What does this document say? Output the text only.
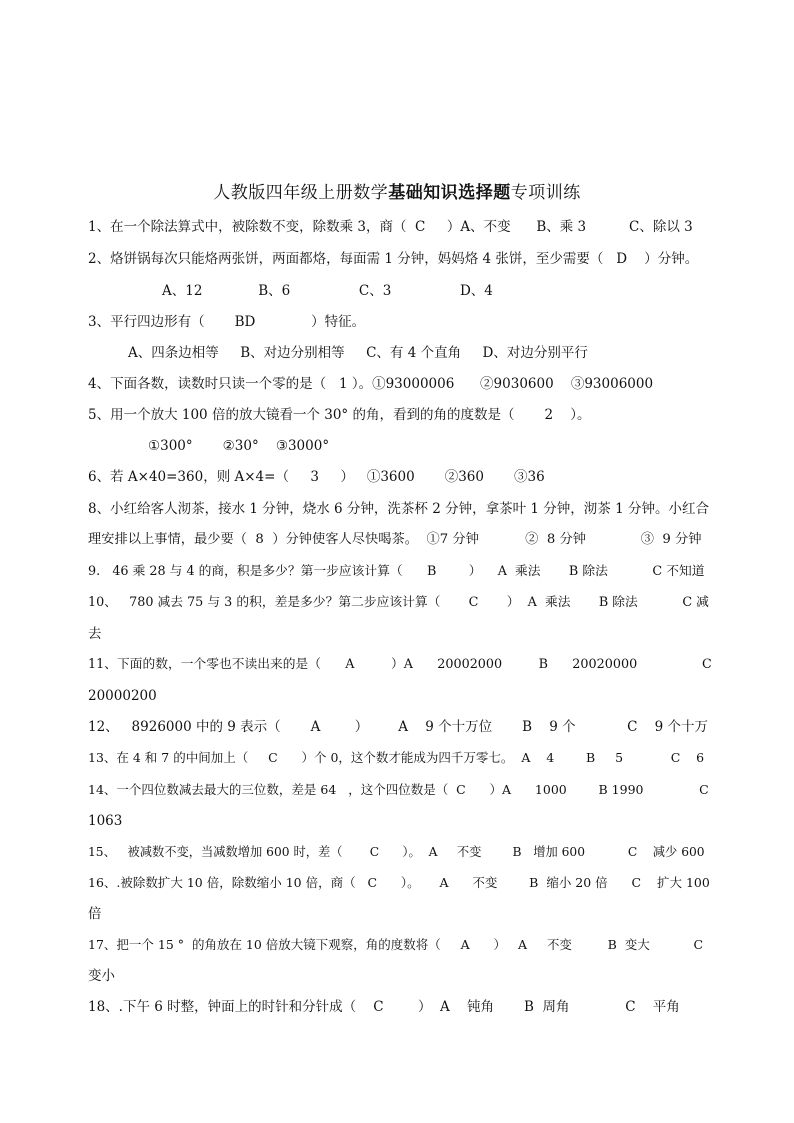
人教版四年级上册数学基础知识选择题专项训练
1、在一个除法算式中，被除数不变，除数乘 3，商（  C     ）A、不变      B、乘 3          C、除以 3
2、烙饼锅每次只能烙两张饼，两面都烙，每面需 1 分钟，妈妈烙 4 张饼，至少需要（   D    ）分钟。
A、12             B、6                C、3                D、4
3、平行四边形有（       BD             ）特征。
A、四条边相等     B、对边分别相等     C、有 4 个直角     D、对边分别平行
4、下面各数，读数时只读一个零的是（   1 ）。①93000006      ②9030600    ③93006000
5、用一个放大 100 倍的放大镜看一个 30° 的角，看到的角的度数是（       2    ）。
①300°       ②30°    ③3000°
6、若 A×40=360，则 A×4=（     3     ）   ①3600       ②360       ③36
8、小红给客人沏茶，接水 1 分钟，烧水 6 分钟，洗茶杯 2 分钟，拿茶叶 1 分钟，沏茶 1 分钟。小红合
理安排以上事情，最少要（  8  ）分钟使客人尽快喝茶。  ①7 分钟           ②  8 分钟             ③  9 分钟
9.   46 乘 28 与 4 的商，积是多少？第一步应该计算（      B        ）    A  乘法       B 除法           C 不知道
10、   780 减去 75 与 3 的积，差是多少？第二步应该计算（       C       ）  A  乘法       B 除法           C 减
去
11、下面的数，一个零也不读出来的是（      A         ）A      20002000         B      20020000                C
20000200
12、   8926000 中的 9 表示（       A        ）       A    9 个十万位       B    9 个            C    9 个十万
13、在 4 和 7 的中间加上（     C      ）个 0，这个数才能成为四千万零七。  A    4        B     5            C    6
14、一个四位数减去最大的三位数，差是 64   ，这个四位数是（  C      ）A      1000        B 1990              C
1063
15、   被减数不变，当减数增加 600 时，差（       C      ）。  A     不变        B   增加 600           C    减少 600
16、.被除数扩大 10 倍，除数缩小 10 倍，商（   C      ）。     A      不变        B  缩小 20 倍      C    扩大 100
倍
17、把一个 15 °  的角放在 10 倍放大镜下观察，角的度数将（     A      ）   A     不变         B  变大           C
变小
18、.下午 6 时整，钟面上的时针和分针成（    C        ）  A    钝角       B  周角             C    平角
